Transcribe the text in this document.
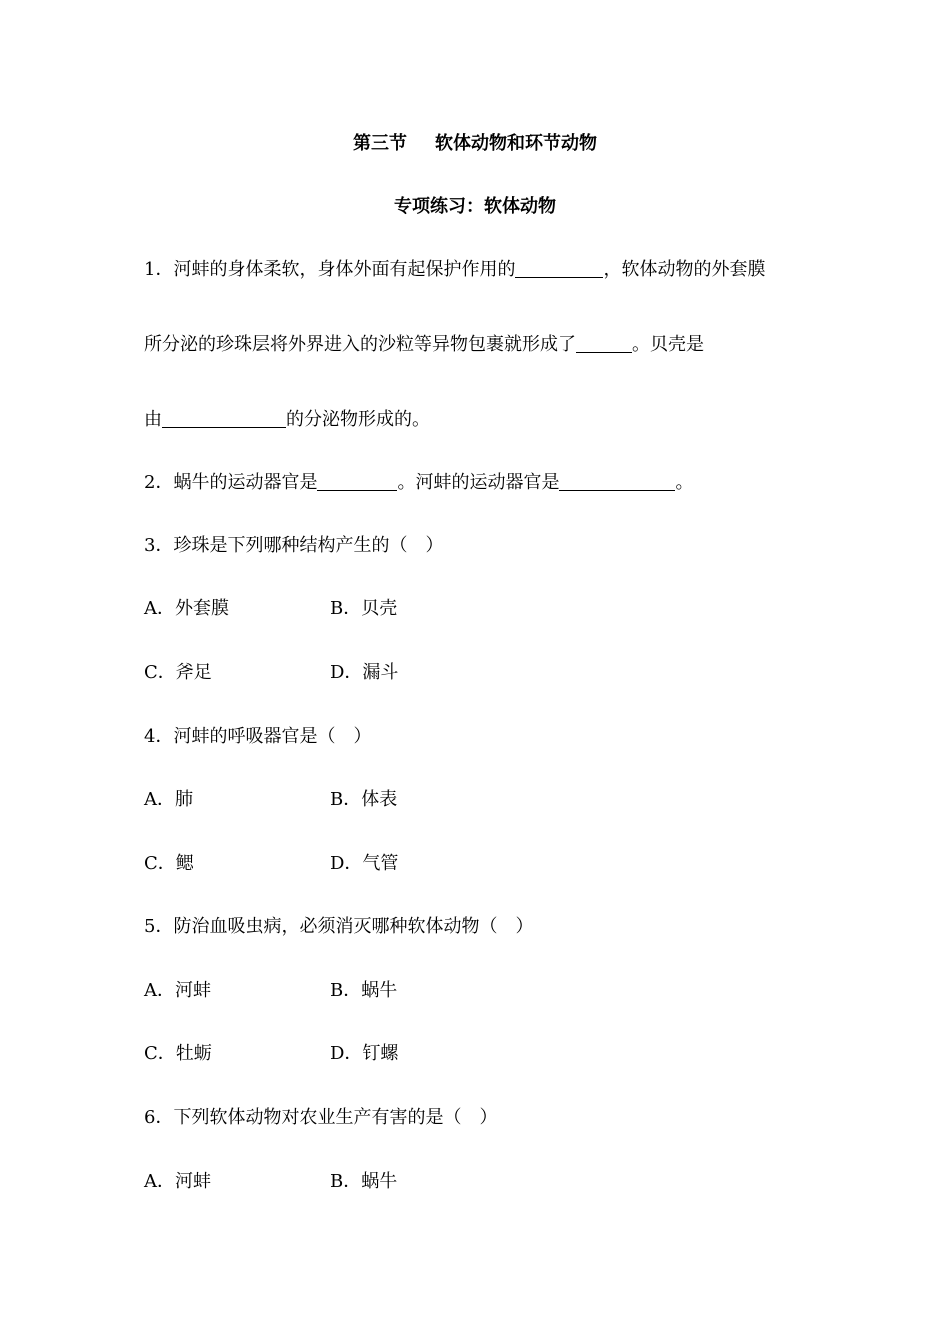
第三节 软体动物和环节动物
专项练习：软体动物
1．河蚌的身体柔软，身体外面有起保护作用的	，软体动物的外套膜
所分泌的珍珠层将外界进入的沙粒等异物包裹就形成了	。贝壳是
由	的分泌物形成的。
2．蜗牛的运动器官是	。河蚌的运动器官是	。
3．珍珠是下列哪种结构产生的（　）
A．外套膜	B．贝壳
C．斧足	D．漏斗
4．河蚌的呼吸器官是（　）
A．肺	B．体表
C．鳃	D．气管
5．防治血吸虫病，必须消灭哪种软体动物（　）
A．河蚌	B．蜗牛
C．牡蛎	D．钉螺
6．下列软体动物对农业生产有害的是（　）
A．河蚌	B．蜗牛
